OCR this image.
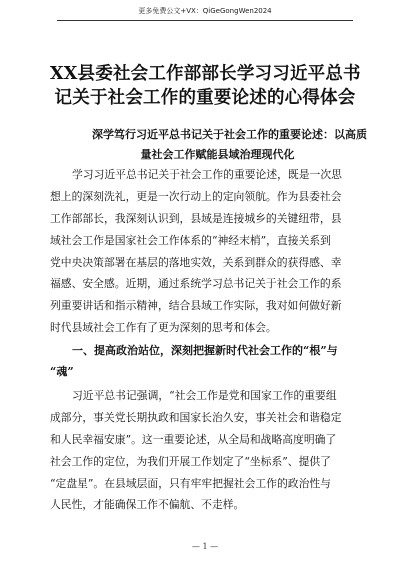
更多免费公文+VX：QiGeGongWen2024
XX县委社会工作部部长学习习近平总书
记关于社会工作的重要论述的心得体会
深学笃行习近平总书记关于社会工作的重要论述：以高质
量社会工作赋能县域治理现代化
学习习近平总书记关于社会工作的重要论述，既是一次思
想上的深刻洗礼，更是一次行动上的定向领航。作为县委社会
工作部部长，我深刻认识到，县域是连接城乡的关键纽带，县
域社会工作是国家社会工作体系的“神经末梢”，直接关系到
党中央决策部署在基层的落地实效，关系到群众的获得感、幸
福感、安全感。近期，通过系统学习总书记关于社会工作的系
列重要讲话和指示精神，结合县域工作实际，我对如何做好新
时代县域社会工作有了更为深刻的思考和体会。
一、提高政治站位，深刻把握新时代社会工作的“根”与
“魂”
习近平总书记强调，“社会工作是党和国家工作的重要组
成部分，事关党长期执政和国家长治久安，事关社会和谐稳定
和人民幸福安康”。这一重要论述，从全局和战略高度明确了
社会工作的定位，为我们开展工作划定了“坐标系”、提供了
“定盘星”。在县域层面，只有牢牢把握社会工作的政治性与
人民性，才能确保工作不偏航、不走样。
— 1 —
